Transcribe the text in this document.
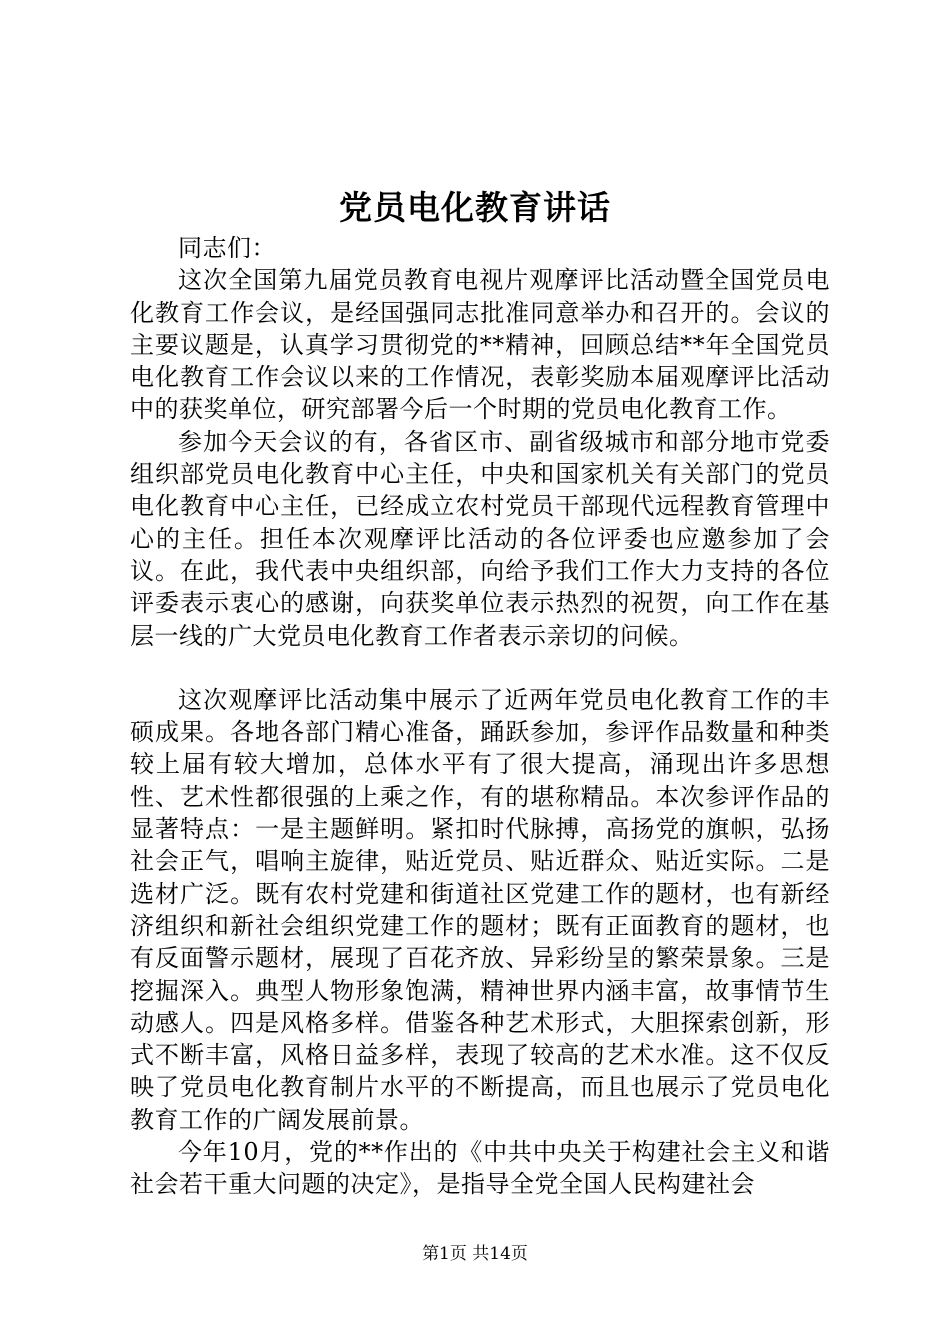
党员电化教育讲话

同志们：

这次全国第九届党员教育电视片观摩评比活动暨全国党员电化教育工作会议，是经国强同志批准同意举办和召开的。会议的主要议题是，认真学习贯彻党的**精神，回顾总结**年全国党员电化教育工作会议以来的工作情况，表彰奖励本届观摩评比活动中的获奖单位，研究部署今后一个时期的党员电化教育工作。

参加今天会议的有，各省区市、副省级城市和部分地市党委组织部党员电化教育中心主任，中央和国家机关有关部门的党员电化教育中心主任，已经成立农村党员干部现代远程教育管理中心的主任。担任本次观摩评比活动的各位评委也应邀参加了会议。在此，我代表中央组织部，向给予我们工作大力支持的各位评委表示衷心的感谢，向获奖单位表示热烈的祝贺，向工作在基层一线的广大党员电化教育工作者表示亲切的问候。

这次观摩评比活动集中展示了近两年党员电化教育工作的丰硕成果。各地各部门精心准备，踊跃参加，参评作品数量和种类较上届有较大增加，总体水平有了很大提高，涌现出许多思想性、艺术性都很强的上乘之作，有的堪称精品。本次参评作品的显著特点：一是主题鲜明。紧扣时代脉搏，高扬党的旗帜，弘扬社会正气，唱响主旋律，贴近党员、贴近群众、贴近实际。二是选材广泛。既有农村党建和街道社区党建工作的题材，也有新经济组织和新社会组织党建工作的题材；既有正面教育的题材，也有反面警示题材，展现了百花齐放、异彩纷呈的繁荣景象。三是挖掘深入。典型人物形象饱满，精神世界内涵丰富，故事情节生动感人。四是风格多样。借鉴各种艺术形式，大胆探索创新，形式不断丰富，风格日益多样，表现了较高的艺术水准。这不仅反映了党员电化教育制片水平的不断提高，而且也展示了党员电化教育工作的广阔发展前景。

今年10月，党的**作出的《中共中央关于构建社会主义和谐社会若干重大问题的决定》，是指导全党全国人民构建社会

第1页 共14页
